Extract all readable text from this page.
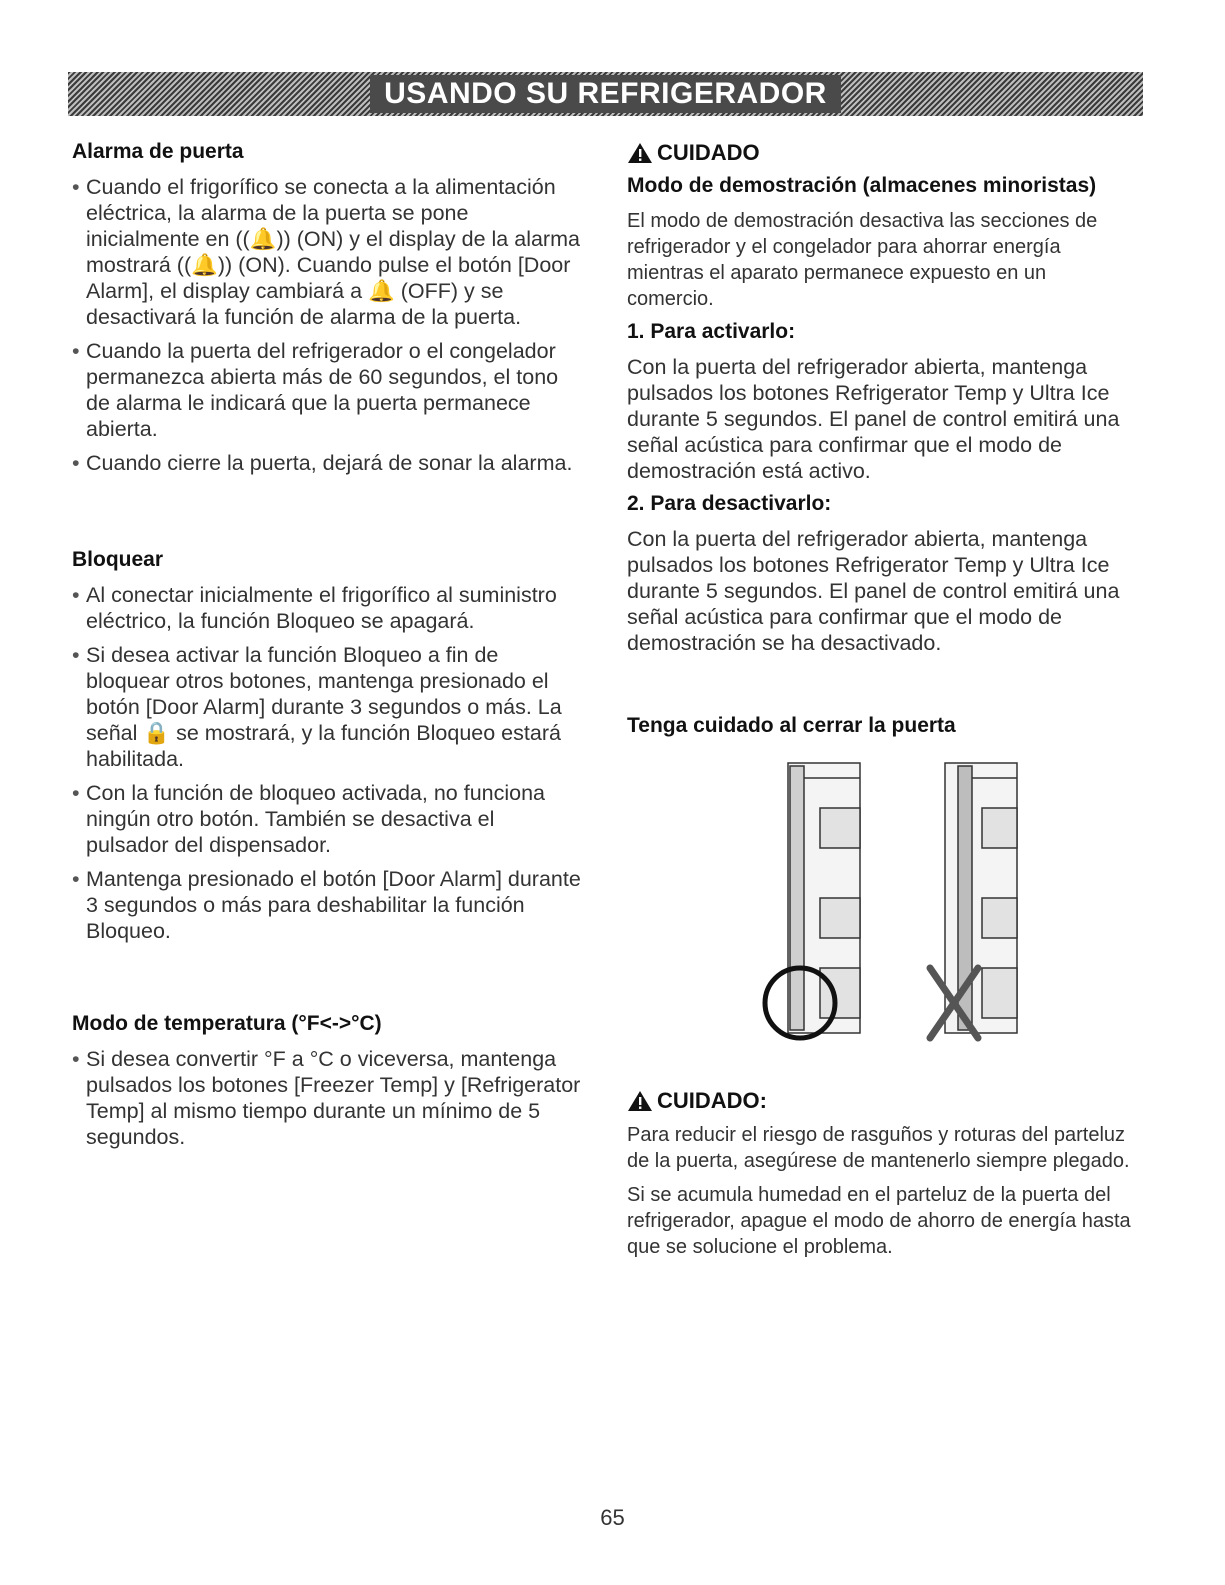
USANDO SU REFRIGERADOR
Alarma de puerta
• Cuando el frigorífico se conecta a la alimentación eléctrica, la alarma de la puerta se pone inicialmente en ((🔔)) (ON) y el display de la alarma mostrará ((🔔)) (ON). Cuando pulse el botón [Door Alarm], el display cambiará a 🔔 (OFF) y se desactivará la función de alarma de la puerta.
• Cuando la puerta del refrigerador o el congelador permanezca abierta más de 60 segundos, el tono de alarma le indicará que la puerta permanece abierta.
• Cuando cierre la puerta, dejará de sonar la alarma.
Bloquear
• Al conectar inicialmente el frigorífico al suministro eléctrico, la función Bloqueo se apagará.
• Si desea activar la función Bloqueo a fin de bloquear otros botones, mantenga presionado el botón [Door Alarm] durante 3 segundos o más. La señal 🔒 se mostrará, y la función Bloqueo estará habilitada.
• Con la función de bloqueo activada, no funciona ningún otro botón. También se desactiva el pulsador del dispensador.
• Mantenga presionado el botón [Door Alarm] durante 3 segundos o más para deshabilitar la función Bloqueo.
Modo de temperatura (°F<->°C)
• Si desea convertir °F a °C o viceversa, mantenga pulsados los botones [Freezer Temp] y [Refrigerator Temp] al mismo tiempo durante un mínimo de 5 segundos.
CUIDADO
Modo de demostración (almacenes minoristas)

El modo de demostración desactiva las secciones de refrigerador y el congelador para ahorrar energía mientras el aparato permanece expuesto en un comercio.

1. Para activarlo:

Con la puerta del refrigerador abierta, mantenga pulsados los botones Refrigerator Temp y Ultra Ice durante 5 segundos. El panel de control emitirá una señal acústica para confirmar que el modo de demostración está activo.

2. Para desactivarlo:

Con la puerta del refrigerador abierta, mantenga pulsados los botones Refrigerator Temp y Ultra Ice durante 5 segundos. El panel de control emitirá una señal acústica para confirmar que el modo de demostración se ha desactivado.

Tenga cuidado al cerrar la puerta
CUIDADO:

Para reducir el riesgo de rasguños y roturas del parteluz de la puerta, asegúrese de mantenerlo siempre plegado.

Si se acumula humedad en el parteluz de la puerta del refrigerador, apague el modo de ahorro de energía hasta que se solucione el problema.

65
